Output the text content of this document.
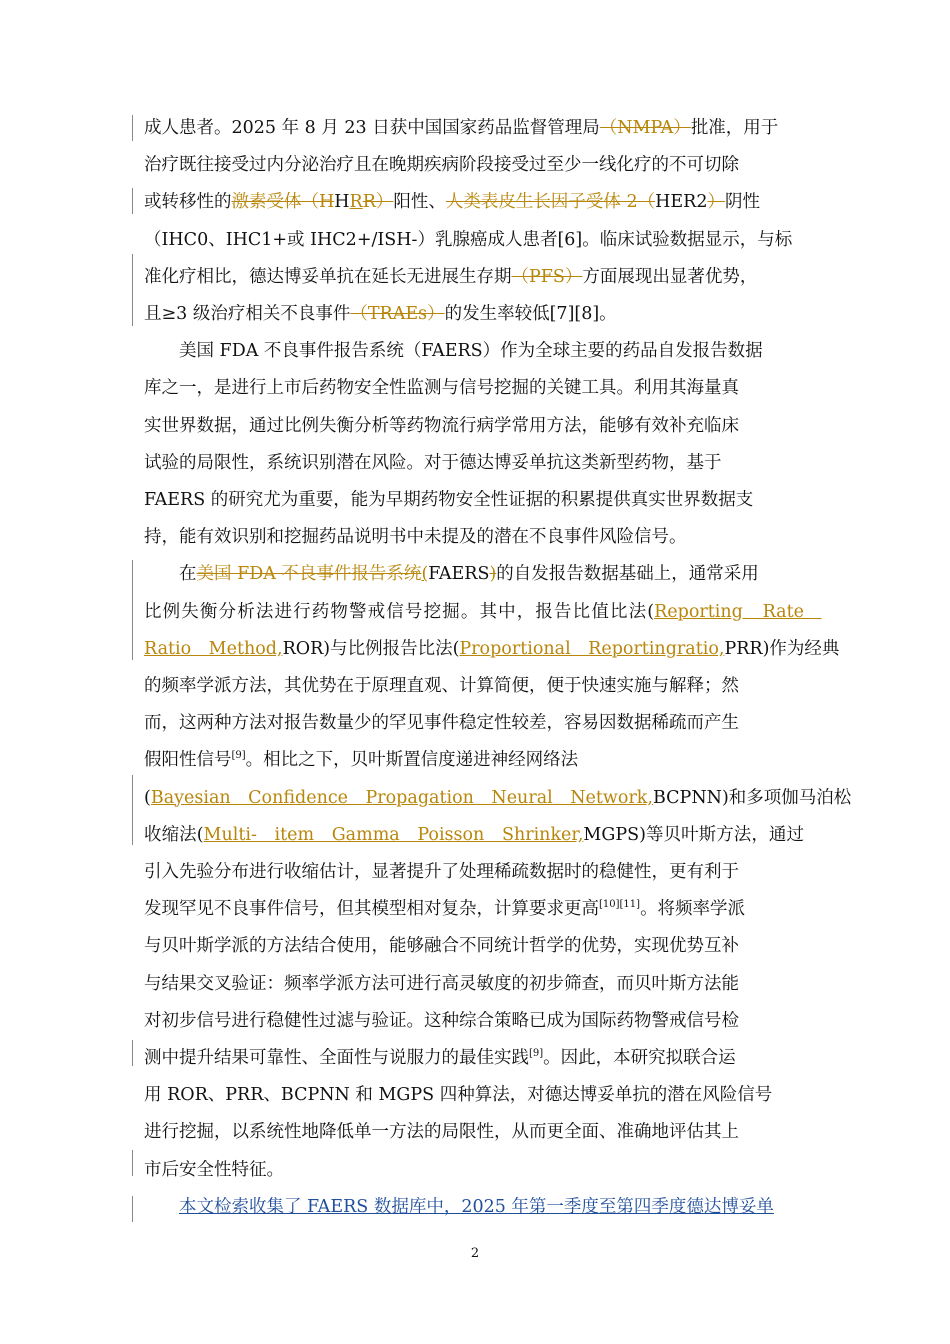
成人患者。2025 年 8 月 23 日获中国国家药品监督管理局（NMPA）批准，用于
治疗既往接受过内分泌治疗且在晚期疾病阶段接受过至少一线化疗的不可切除
或转移性的激素受体（HHRR）阳性、人类表皮生长因子受体 2（HER2）阴性
（IHC0、IHC1+或 IHC2+/ISH-）乳腺癌成人患者[6]。临床试验数据显示，与标
准化疗相比，德达博妥单抗在延长无进展生存期（PFS）方面展现出显著优势，
且≥3 级治疗相关不良事件（TRAEs）的发生率较低[7][8]。
　　美国 FDA 不良事件报告系统（FAERS）作为全球主要的药品自发报告数据
库之一，是进行上市后药物安全性监测与信号挖掘的关键工具。利用其海量真
实世界数据，通过比例失衡分析等药物流行病学常用方法，能够有效补充临床
试验的局限性，系统识别潜在风险。对于德达博妥单抗这类新型药物，基于
FAERS 的研究尤为重要，能为早期药物安全性证据的积累提供真实世界数据支
持，能有效识别和挖掘药品说明书中未提及的潜在不良事件风险信号。
　　在美国 FDA 不良事件报告系统(FAERS)的自发报告数据基础上，通常采用
比例失衡分析法进行药物警戒信号挖掘。其中，报告比值比法(Reporting　Rate　
Ratio　Method,ROR)与比例报告比法(Proportional　Reportingratio,PRR)作为经典
的频率学派方法，其优势在于原理直观、计算简便，便于快速实施与解释；然
而，这两种方法对报告数量少的罕见事件稳定性较差，容易因数据稀疏而产生
假阳性信号[9]。相比之下，贝叶斯置信度递进神经网络法
(Bayesian　Confidence　Propagation　Neural　Network,BCPNN)和多项伽马泊松
收缩法(Multi-　item　Gamma　Poisson　Shrinker,MGPS)等贝叶斯方法，通过
引入先验分布进行收缩估计，显著提升了处理稀疏数据时的稳健性，更有利于
发现罕见不良事件信号，但其模型相对复杂，计算要求更高[10][11]。将频率学派
与贝叶斯学派的方法结合使用，能够融合不同统计哲学的优势，实现优势互补
与结果交叉验证：频率学派方法可进行高灵敏度的初步筛查，而贝叶斯方法能
对初步信号进行稳健性过滤与验证。这种综合策略已成为国际药物警戒信号检
测中提升结果可靠性、全面性与说服力的最佳实践[9]。因此，本研究拟联合运
用 ROR、PRR、BCPNN 和 MGPS 四种算法，对德达博妥单抗的潜在风险信号
进行挖掘，以系统性地降低单一方法的局限性，从而更全面、准确地评估其上
市后安全性特征。
　　本文检索收集了 FAERS 数据库中，2025 年第一季度至第四季度德达博妥单
2
